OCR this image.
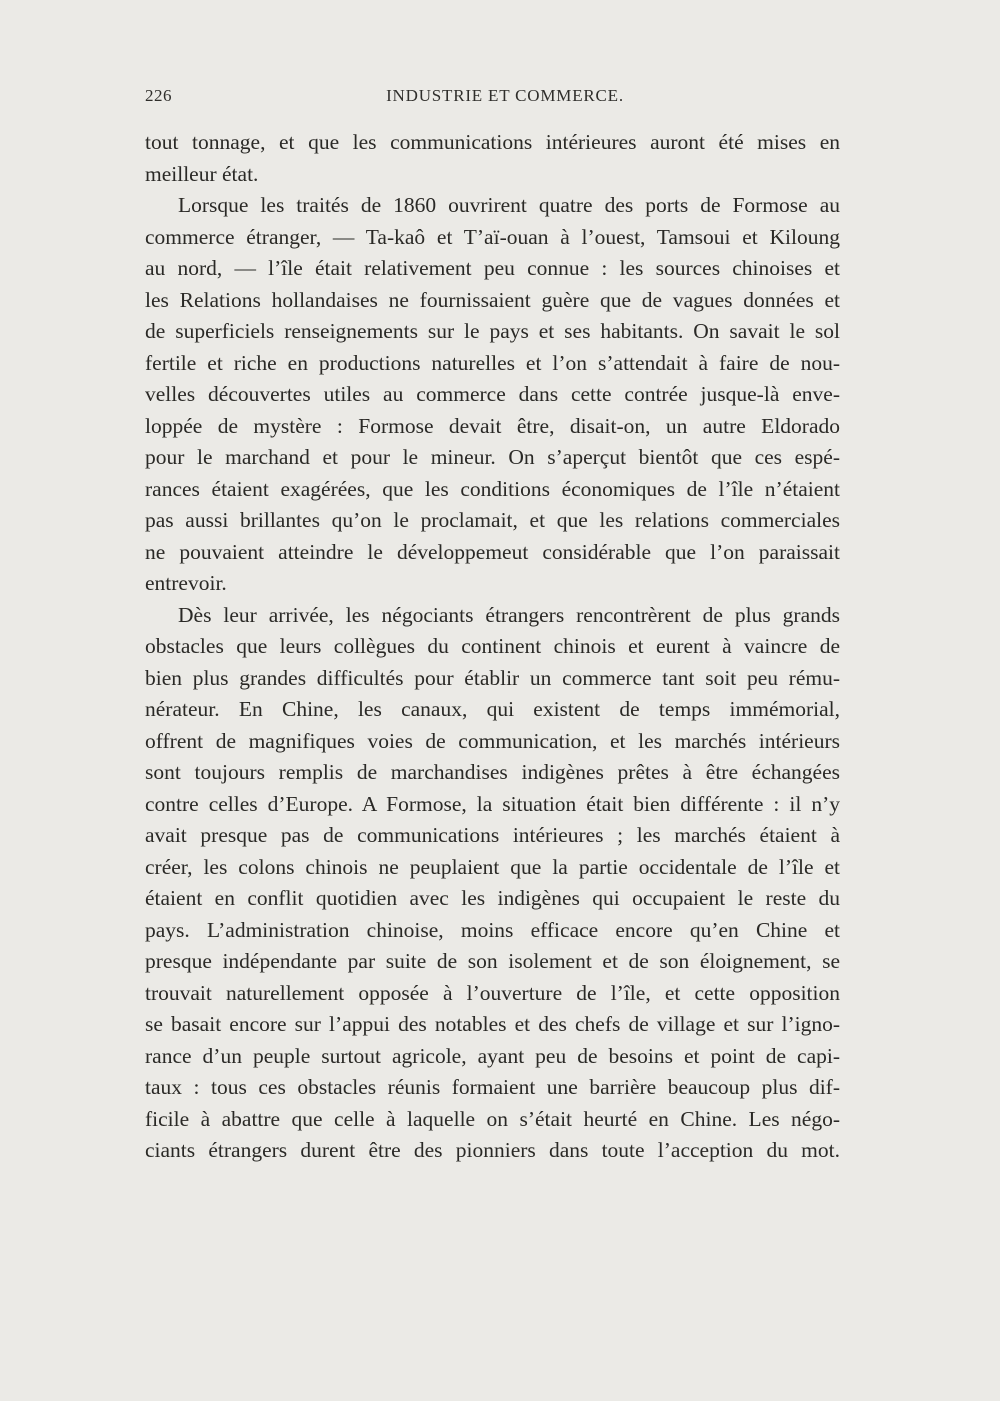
226	INDUSTRIE ET COMMERCE.
tout tonnage, et que les communications intérieures auront été mises en
meilleur état.
Lorsque les traités de 1860 ouvrirent quatre des ports de Formose au
commerce étranger, — Ta-kaô et T’aï-ouan à l’ouest, Tamsoui et Kiloung
au nord, — l’île était relativement peu connue : les sources chinoises et
les Relations hollandaises ne fournissaient guère que de vagues données et
de superficiels renseignements sur le pays et ses habitants. On savait le sol
fertile et riche en productions naturelles et l’on s’attendait à faire de nou-
velles découvertes utiles au commerce dans cette contrée jusque-là enve-
loppée de mystère : Formose devait être, disait-on, un autre Eldorado
pour le marchand et pour le mineur. On s’aperçut bientôt que ces espé-
rances étaient exagérées, que les conditions économiques de l’île n’étaient
pas aussi brillantes qu’on le proclamait, et que les relations commerciales
ne pouvaient atteindre le développemeut considérable que l’on paraissait
entrevoir.
Dès leur arrivée, les négociants étrangers rencontrèrent de plus grands
obstacles que leurs collègues du continent chinois et eurent à vaincre de
bien plus grandes difficultés pour établir un commerce tant soit peu rému-
nérateur. En Chine, les canaux, qui existent de temps immémorial,
offrent de magnifiques voies de communication, et les marchés intérieurs
sont toujours remplis de marchandises indigènes prêtes à être échangées
contre celles d’Europe. A Formose, la situation était bien différente : il n’y
avait presque pas de communications intérieures ; les marchés étaient à
créer, les colons chinois ne peuplaient que la partie occidentale de l’île et
étaient en conflit quotidien avec les indigènes qui occupaient le reste du
pays. L’administration chinoise, moins efficace encore qu’en Chine et
presque indépendante par suite de son isolement et de son éloignement, se
trouvait naturellement opposée à l’ouverture de l’île, et cette opposition
se basait encore sur l’appui des notables et des chefs de village et sur l’igno-
rance d’un peuple surtout agricole, ayant peu de besoins et point de capi-
taux : tous ces obstacles réunis formaient une barrière beaucoup plus dif-
ficile à abattre que celle à laquelle on s’était heurté en Chine. Les négo-
ciants étrangers durent être des pionniers dans toute l’acception du mot.
